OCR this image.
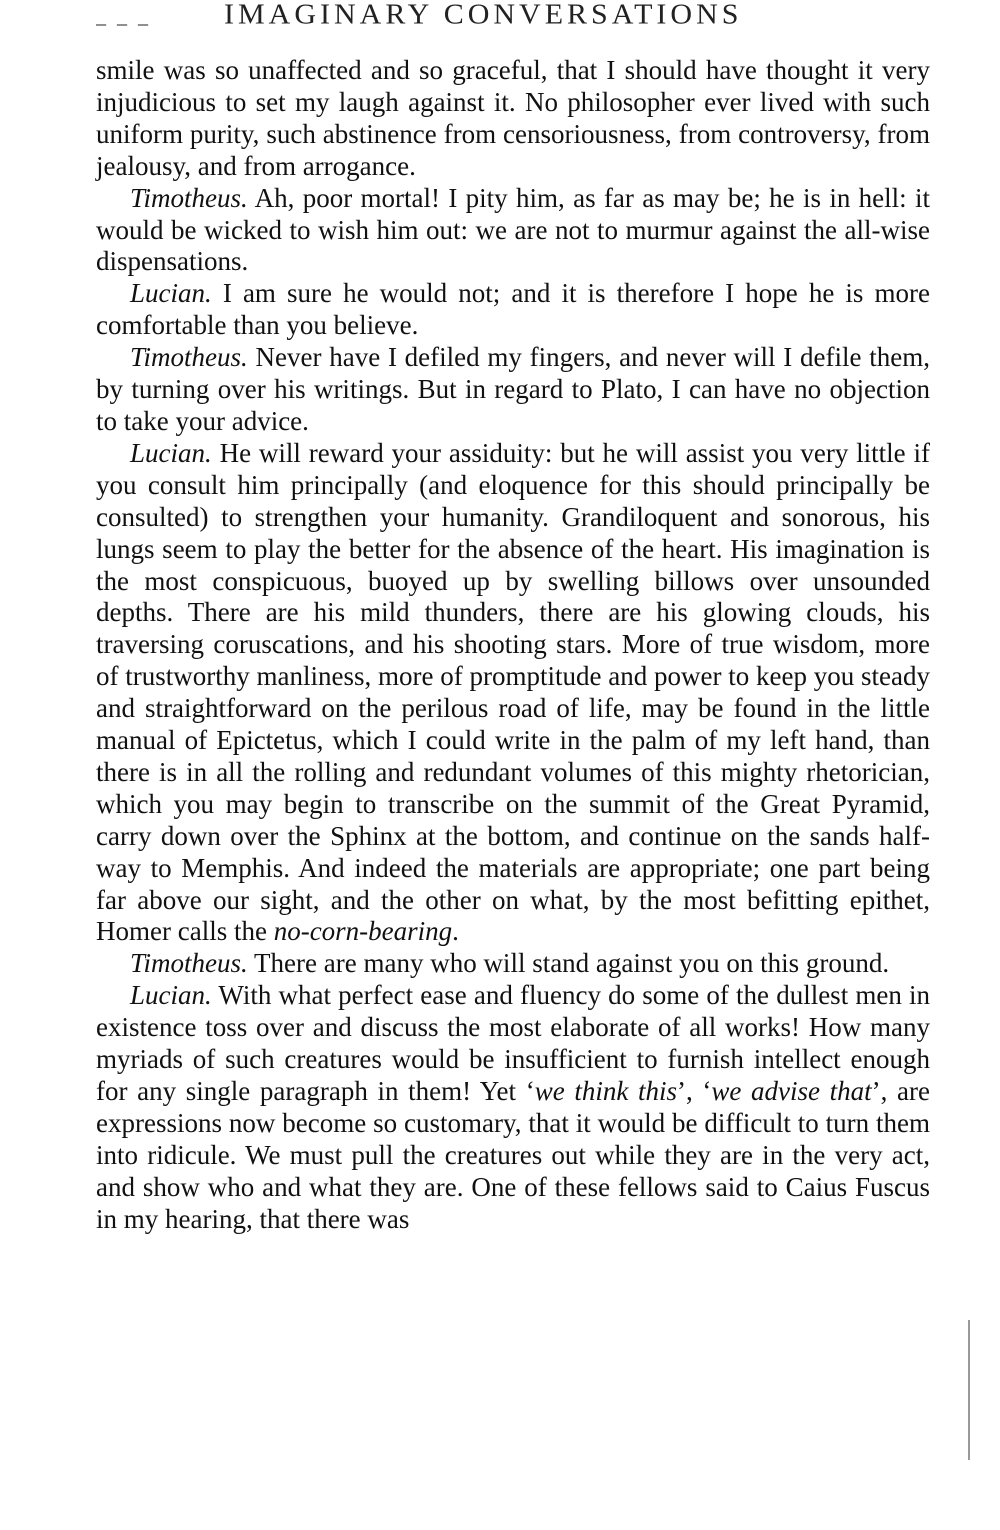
_ _ _ IMAGINARY CONVERSATIONS

smile was so unaffected and so graceful, that I should have thought it very injudicious to set my laugh against it. No philosopher ever lived with such uniform purity, such abstinence from censoriousness, from controversy, from jealousy, and from arrogance.

Timotheus. Ah, poor mortal! I pity him, as far as may be; he is in hell: it would be wicked to wish him out: we are not to murmur against the all-wise dispensations.

Lucian. I am sure he would not; and it is therefore I hope he is more comfortable than you believe.

Timotheus. Never have I defiled my fingers, and never will I defile them, by turning over his writings. But in regard to Plato, I can have no objection to take your advice.

Lucian. He will reward your assiduity: but he will assist you very little if you consult him principally (and eloquence for this should principally be consulted) to strengthen your humanity. Grandiloquent and sonorous, his lungs seem to play the better for the absence of the heart. His imagination is the most conspicuous, buoyed up by swelling billows over unsounded depths. There are his mild thunders, there are his glowing clouds, his traversing coruscations, and his shooting stars. More of true wisdom, more of trustworthy manliness, more of promptitude and power to keep you steady and straightforward on the perilous road of life, may be found in the little manual of Epictetus, which I could write in the palm of my left hand, than there is in all the rolling and redundant volumes of this mighty rhetorician, which you may begin to transcribe on the summit of the Great Pyramid, carry down over the Sphinx at the bottom, and continue on the sands half-way to Memphis. And indeed the materials are appropriate; one part being far above our sight, and the other on what, by the most befitting epithet, Homer calls the no-corn-bearing.

Timotheus. There are many who will stand against you on this ground.

Lucian. With what perfect ease and fluency do some of the dullest men in existence toss over and discuss the most elaborate of all works! How many myriads of such creatures would be insufficient to furnish intellect enough for any single paragraph in them! Yet ‘we think this’, ‘we advise that’, are expressions now become so customary, that it would be difficult to turn them into ridicule. We must pull the creatures out while they are in the very act, and show who and what they are. One of these fellows said to Caius Fuscus in my hearing, that there was
